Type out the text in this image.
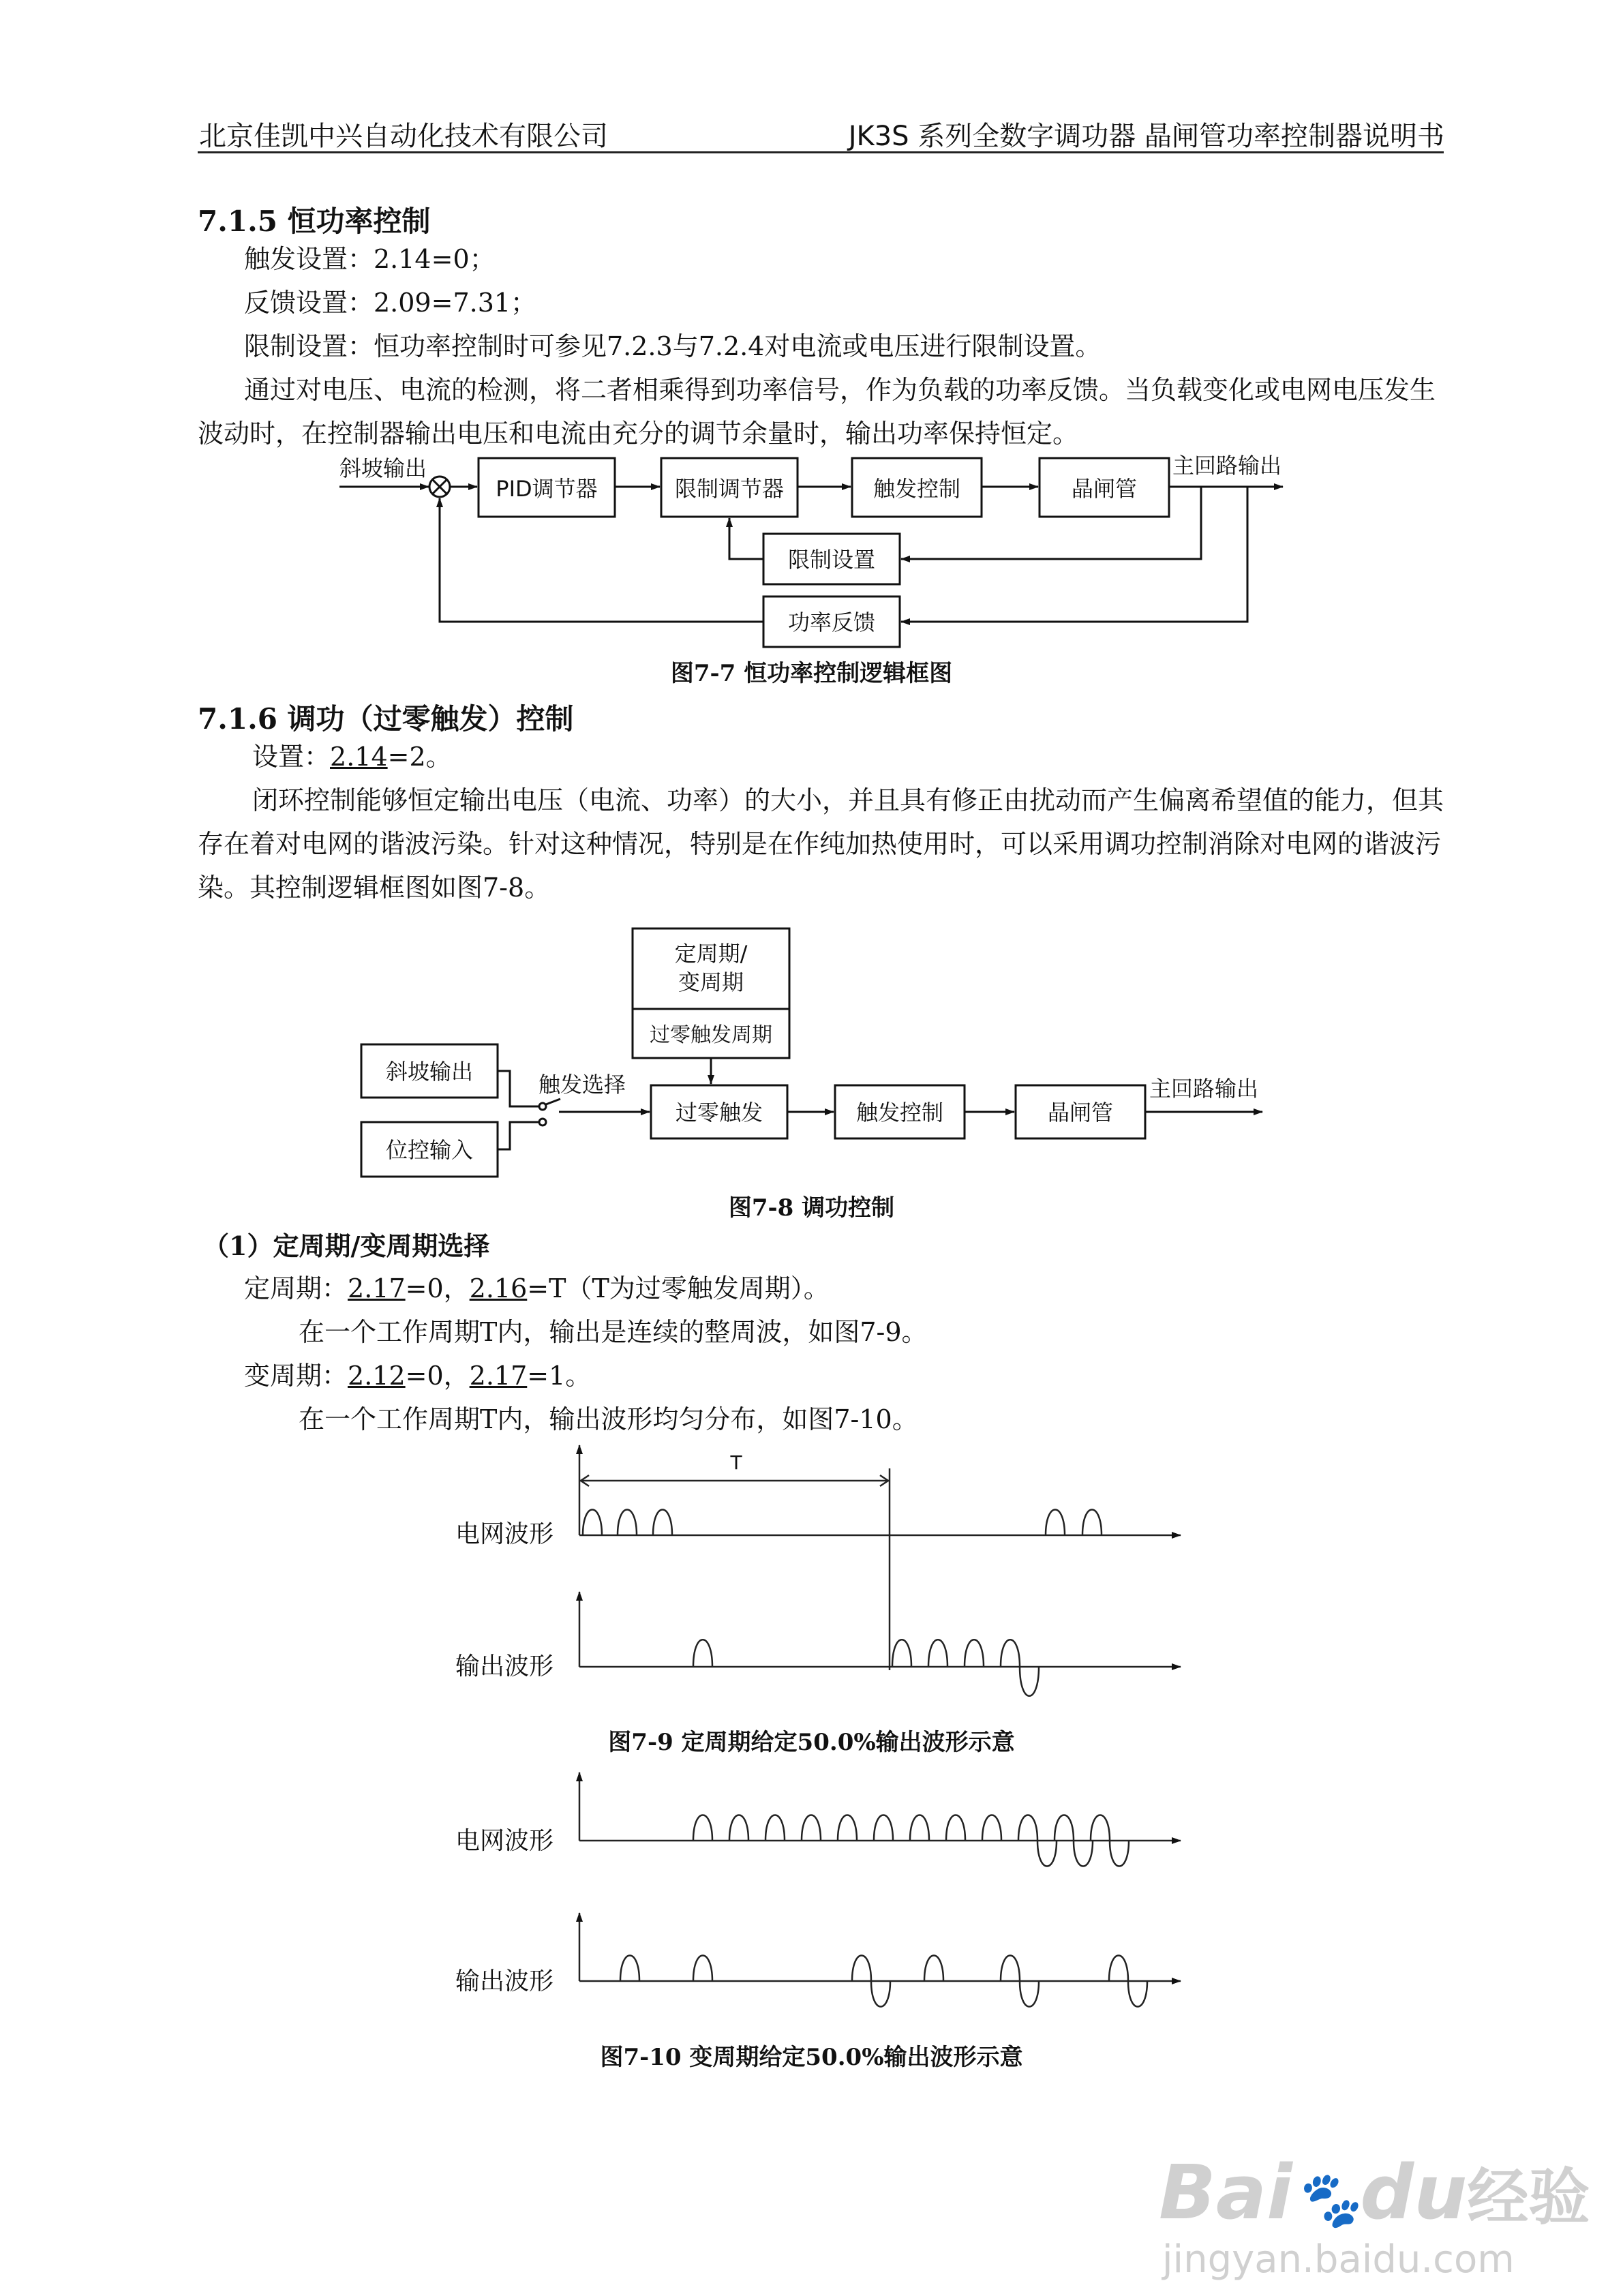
北京佳凯中兴自动化技术有限公司	JK3S 系列全数字调功器 晶闸管功率控制器说明书
7.1.5 恒功率控制
触发设置：2.14=0；
反馈设置：2.09=7.31；
限制设置：恒功率控制时可参见7.2.3与7.2.4对电流或电压进行限制设置。
通过对电压、电流的检测，将二者相乘得到功率信号，作为负载的功率反馈。当负载变化或电网电压发生
波动时，在控制器输出电压和电流由充分的调节余量时，输出功率保持恒定。
斜坡输出
PID调节器	限制调节器	触发控制	晶闸管
主回路输出
限制设置
功率反馈
图7-7 恒功率控制逻辑框图
7.1.6 调功（过零触发）控制
设置：2.14=2。
闭环控制能够恒定输出电压（电流、功率）的大小，并且具有修正由扰动而产生偏离希望值的能力，但其
存在着对电网的谐波污染。针对这种情况，特别是在作纯加热使用时，可以采用调功控制消除对电网的谐波污
染。其控制逻辑框图如图7-8。
定周期/
变周期
过零触发周期
斜坡输出
位控输入
触发选择
过零触发	触发控制	晶闸管
主回路输出
图7-8 调功控制
（1）定周期/变周期选择
定周期：2.17=0，2.16=T（T为过零触发周期）。
在一个工作周期T内，输出是连续的整周波，如图7-9。
变周期：2.12=0，2.17=1。
在一个工作周期T内，输出波形均匀分布，如图7-10。
T
电网波形
输出波形
图7-9 定周期给定50.0%输出波形示意
电网波形
输出波形
图7-10 变周期给定50.0%输出波形示意
Bai🐾du经验
jingyan.baidu.com
